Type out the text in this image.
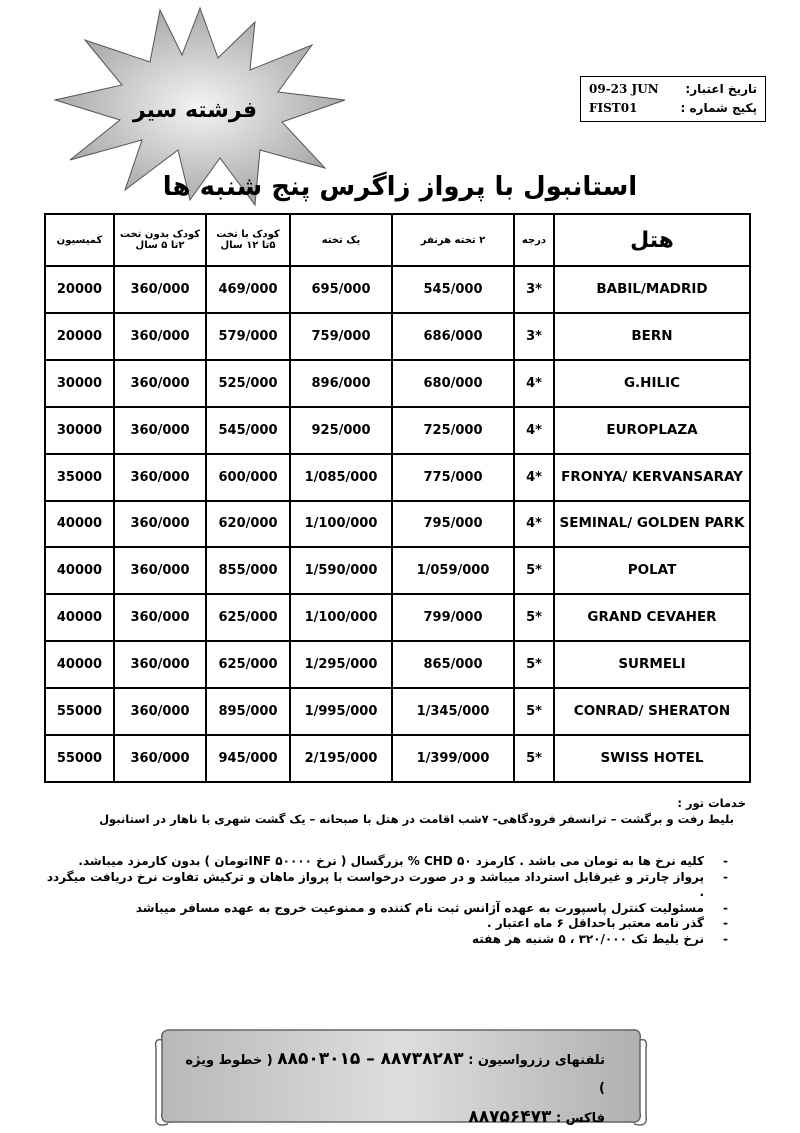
فرشته سیر
تاریخ اعتبار:
09-23 JUN
پکیج شماره :
FIST01
استانبول با پرواز زاگرس پنج شنبه ها
هتل	درجه	۲ تخته هرنفر	یک تخته	کودک با تخت ۵تا ۱۲ سال	کودک بدون تخت ۲تا ۵ سال	کمیسیون
BABIL/MADRID	3*	545/000	695/000	469/000	360/000	20000
BERN	3*	686/000	759/000	579/000	360/000	20000
G.HILIC	4*	680/000	896/000	525/000	360/000	30000
EUROPLAZA	4*	725/000	925/000	545/000	360/000	30000
FRONYA/ KERVANSARAY	4*	775/000	1/085/000	600/000	360/000	35000
SEMINAL/ GOLDEN PARK	4*	795/000	1/100/000	620/000	360/000	40000
POLAT	5*	1/059/000	1/590/000	855/000	360/000	40000
GRAND CEVAHER	5*	799/000	1/100/000	625/000	360/000	40000
SURMELI	5*	865/000	1/295/000	625/000	360/000	40000
CONRAD/ SHERATON	5*	1/345/000	1/995/000	895/000	360/000	55000
SWISS HOTEL	5*	1/399/000	2/195/000	945/000	360/000	55000
خدمات تور :
بلیط رفت و برگشت – ترانسفر فرودگاهی- ۷شب اقامت در هتل با صبحانه – یک گشت شهری با ناهار در استانبول
-
کلیه نرخ ها به تومان می باشد . کارمزد CHD ۵۰ % بزرگسال ( نرخ INF ۵۰۰۰۰تومان ) بدون کارمزد میباشد.
-
پرواز چارتر و غیرقابل استرداد میباشد و در صورت درخواست با پرواز ماهان و ترکیش تفاوت نرخ دریافت میگردد .
-
مسئولیت کنترل پاسپورت به عهده آژانس ثبت نام کننده و ممنوعیت خروج به عهده مسافر میباشد
-
گذر نامه معتبر باحداقل ۶ ماه اعتبار .
-
نرخ بلیط تک ۳۲۰/۰۰۰ ، ۵ شنبه هر هفته
تلفنهای رزرواسیون : ۸۸۷۳۸۲۸۳ – ۸۸۵۰۳۰۱۵ ( خطوط ویژه )
فاکس : ۸۸۷۵۶۴۷۳
